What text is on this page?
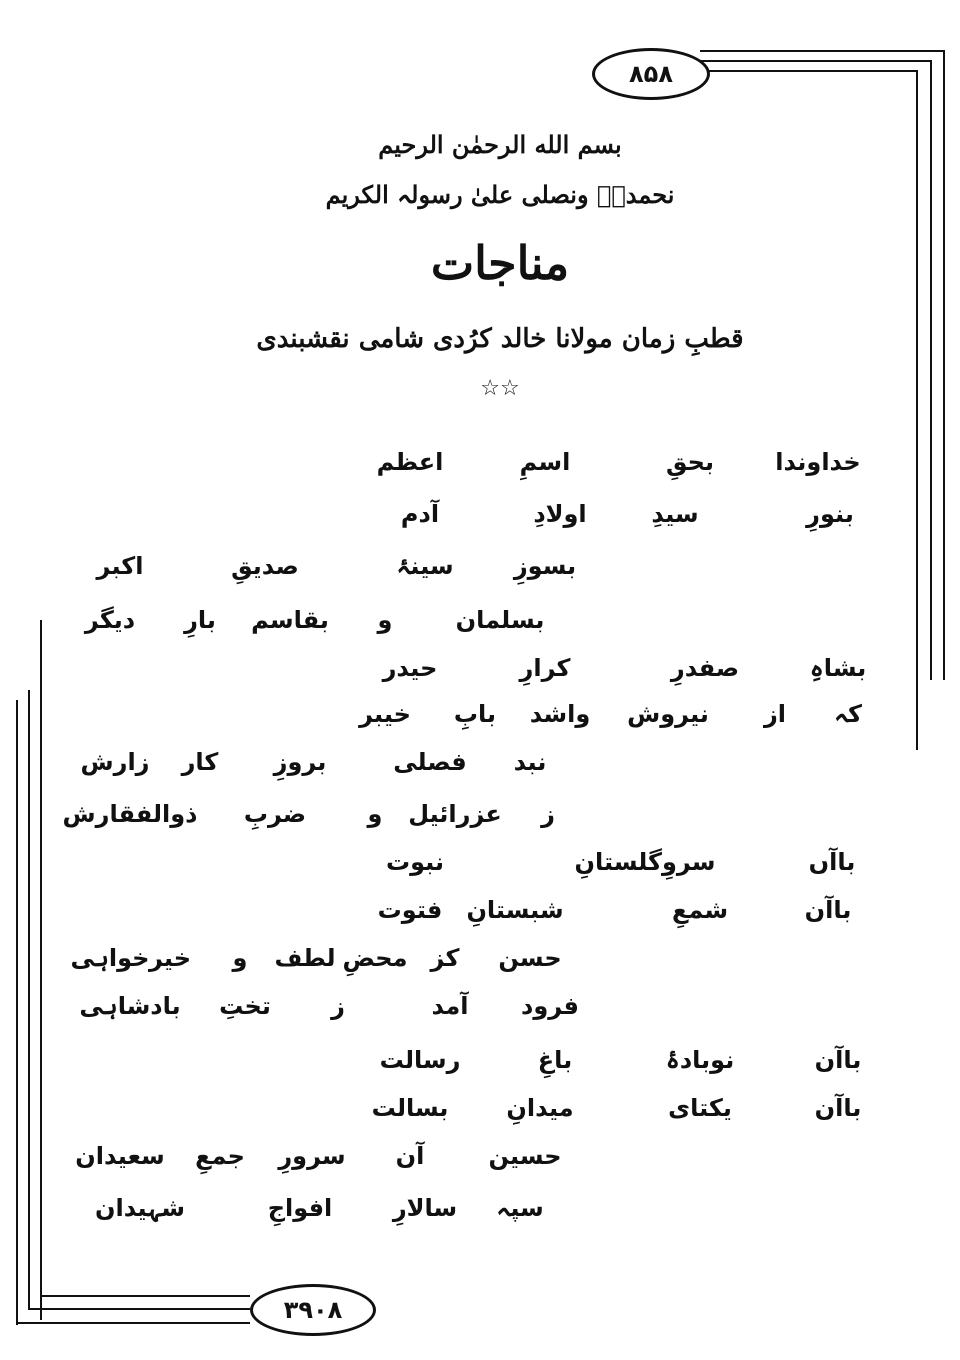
۸۵۸
۳۹۰۸
بسم الله الرحمٰن الرحیم
نحمدہٗ ونصلی علیٰ رسولہ الکریم
مناجات
قطبِ زمان مولانا خالد کرُدی شامی نقشبندی
☆☆
خداوندا
بحقِ
اسمِ
اعظم
بنورِ
سیدِ
اولادِ
آدم
بسوزِ
سینۂ
صدیقِ
اکبر
بسلمان
و
بقاسم
بارِ
دیگر
بشاہِ
صفدرِ
کرارِ
حیدر
کہ
از
نیروش
واشد
بابِ
خیبر
نبد
فصلی
بروزِ
کار
زارش
ز
عزرائیل
و
ضربِ
ذوالفقارش
باآں
سروِگلستانِ
نبوت
باآن
شمعِ
شبستانِ
فتوت
حسن
کز
محضِ
لطف
و
خیر
خواہی
فرود
آمد
ز
تختِ
بادشاہی
باآن
نوبادۂ
باغِ
رسالت
باآن
یکتای
میدانِ
بسالت
حسین
آن
سرورِ
جمعِ
سعیدان
سپہ
سالارِ
افواجِ
شہیدان
